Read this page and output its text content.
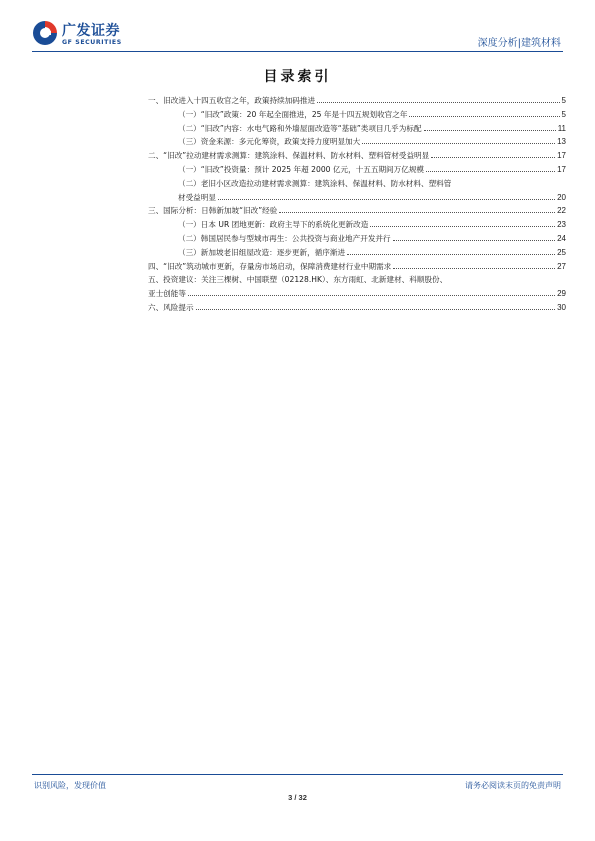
广发证券
GF SECURITIES	深度分析|建筑材料
目录索引
一、旧改进入十四五收官之年，政策持续加码推进	5
（一）“旧改”政策：20 年起全面推进，25 年是十四五规划收官之年	5
（二）“旧改”内容：水电气路和外墙屋面改造等“基础”类项目几乎为标配	11
（三）资金来源：多元化筹资，政策支持力度明显加大	13
二、“旧改”拉动建材需求测算：建筑涂料、保温材料、防水材料、塑料管材受益明显	17
（一）“旧改”投资量：预计 2025 年超 2000 亿元，十五五期间万亿规模	17
（二）老旧小区改造拉动建材需求测算：建筑涂料、保温材料、防水材料、塑料管
材受益明显	20
三、国际分析：日韩新加坡“旧改”经验	22
（一）日本 UR 团地更新：政府主导下的系统化更新改造	23
（二）韩国居民参与型城市再生：公共投资与商业地产开发并行	24
（三）新加坡老旧组屋改造：逐步更新，循序渐进	25
四、“旧改”筑动城市更新，存量房市场启动，保障消费建材行业中期需求	27
五、投资建议：关注三棵树、中国联塑（02128.HK）、东方雨虹、北新建材、科顺股份、
亚士创能等	29
六、风险提示	30
识别风险，发现价值	请务必阅读末页的免责声明
3 / 32
